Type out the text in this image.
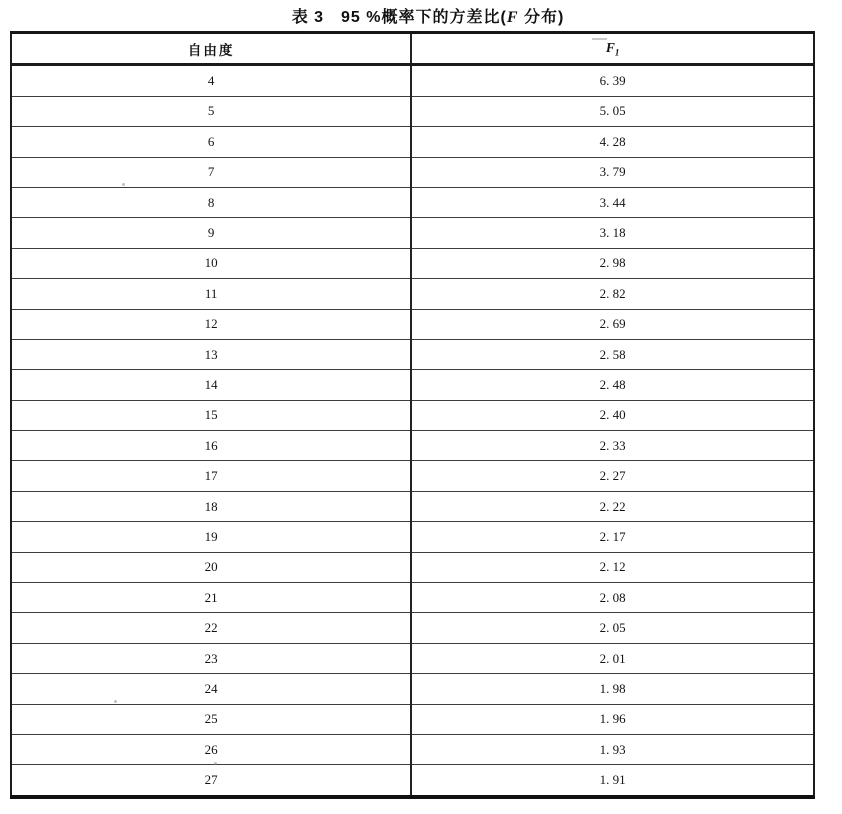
表 3　95 %概率下的方差比(F 分布)
自由度	$F_1$
4	6. 39
5	5. 05
6	4. 28
7	3. 79
8	3. 44
9	3. 18
10	2. 98
11	2. 82
12	2. 69
13	2. 58
14	2. 48
15	2. 40
16	2. 33
17	2. 27
18	2. 22
19	2. 17
20	2. 12
21	2. 08
22	2. 05
23	2. 01
24	1. 98
25	1. 96
26	1. 93
27	1. 91
